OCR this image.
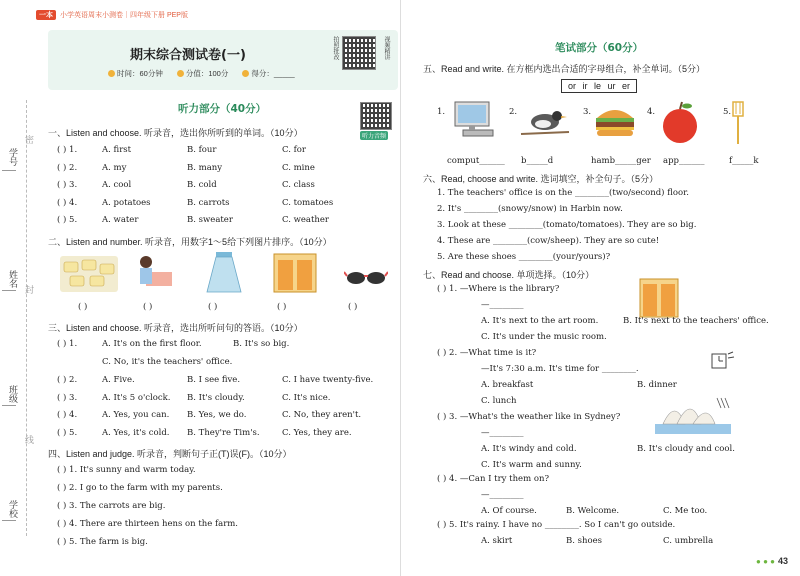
学号
密
姓名
封
班级
线
学校
一本	小学英语周末小测卷｜四年级下册 PEP版
期末综合测试卷(一)
时间：60分钟	分值：100分	得分：_____
拍照批改	视频精讲
听力部分（40分）
听力音频
一、Listen and choose. 听录音，选出你所听到的单词。（10分）
( ) 1.	A. first	B. four	C. for
( ) 2.	A. my	B. many	C. mine
( ) 3.	A. cool	B. cold	C. class
( ) 4.	A. potatoes	B. carrots	C. tomatoes
( ) 5.	A. water	B. sweater	C. weather
二、Listen and number. 听录音，用数字1～5给下列图片排序。（10分）
( )	( )	( )	( )	( )
三、Listen and choose. 听录音，选出所听问句的答语。（10分）
( ) 1.	A. It's on the first floor.	B. It's so big.
C. No, it's the teachers' office.
( ) 2.	A. Five.	B. I see five.	C. I have twenty-five.
( ) 3.	A. It's 5 o'clock. B. It's cloudy.	C. It's nice.
( ) 4.	A. Yes, you can. B. Yes, we do.	C. No, they aren't.
( ) 5.	A. Yes, it's cold. B. They're Tim's.	C. Yes, they are.
四、Listen and judge. 听录音，判断句子正(T)误(F)。（10分）
( ) 1. It's sunny and warm today.
( ) 2. I go to the farm with my parents.
( ) 3. The carrots are big.
( ) 4. There are thirteen hens on the farm.
( ) 5. The farm is big.
笔试部分（60分）
五、Read and write. 在方框内选出合适的字母组合，补全单词。（5分）
or ir le ur er
1.	2.	3.	4.	5.
comput______ b_____d	hamb_____ger app______	f_____k
六、Read, choose and write. 选词填空，补全句子。（5分）
1. The teachers' office is on the ________(two/second) floor.
2. It's ________(snowy/snow) in Harbin now.
3. Look at these ________(tomato/tomatoes). They are so big.
4. These are ________(cow/sheep). They are so cute!
5. Are these shoes ________(your/yours)?
七、Read and choose. 单项选择。（10分）
( ) 1. —Where is the library?
—________
A. It's next to the art room.	B. It's next to the teachers' office.
C. It's under the music room.
( ) 2. —What time is it?
—It's 7:30 a.m. It's time for ________.
A. breakfast	B. dinner
C. lunch
( ) 3. —What's the weather like in Sydney?
—________
A. It's windy and cold.	B. It's cloudy and cool.
C. It's warm and sunny.
( ) 4. —Can I try them on?
—________
A. Of course.	B. Welcome.	C. Me too.
( ) 5. It's rainy. I have no ________. So I can't go outside.
A. skirt	B. shoes	C. umbrella
● ● ● 43
